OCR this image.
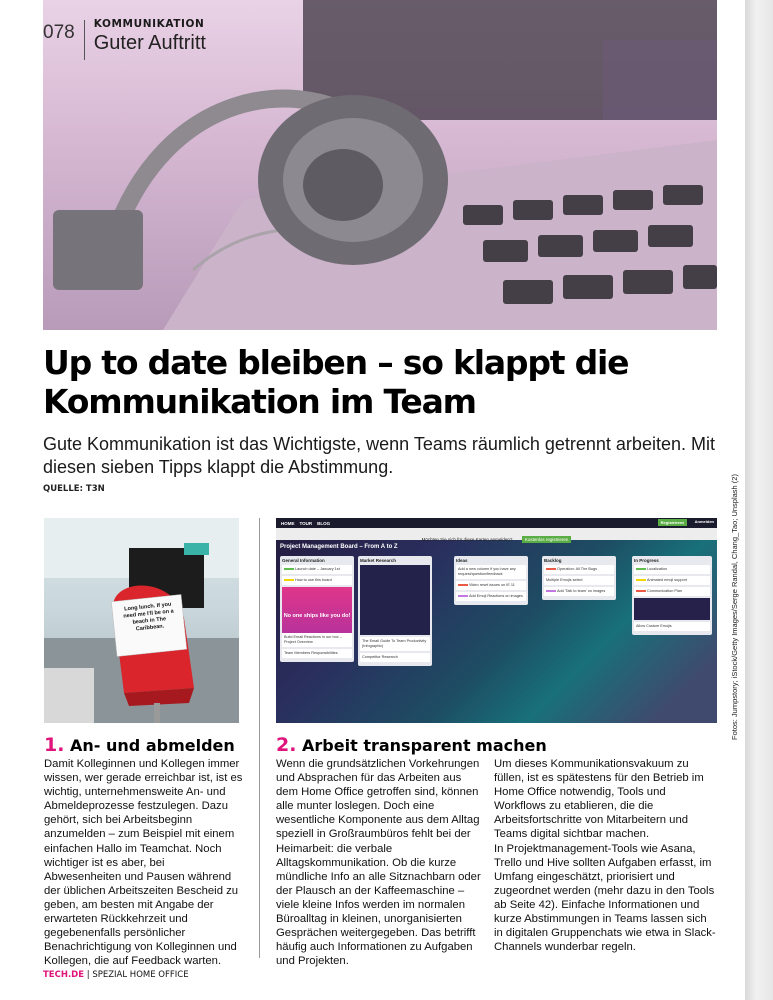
078 KOMMUNIKATION
Guter Auftritt
Up to date bleiben – so klappt die Kommunikation im Team

Gute Kommunikation ist das Wichtigste, wenn Teams räumlich getrennt arbeiten. Mit diesen sieben Tipps klappt die Abstimmung.

QUELLE: T3N
Long lunch. If you need me I'll be on a beach in The Caribbean.
HOME TOUR BLOG	Registrieren	Anmelden
Möchten Sie sich für diese Karten anmelden?	Kostenlos registrieren
Project Management Board – From A to Z
General Information
Launch date – January 1st
How to use this board
No one ships like you do!
Build Email Reactions in our box – Project Overview
Team Members Responsibilities
Market Research
The Email Guide To Team Productivity (Infographic)
Competitor Research
Ideas
Add a new column if you have any request/question/feedback
Video reset issues on IE 11
Add Emoji Reactions on images
Backlog
Operation: All The Bugs
Multiple Emojis select
Add 'Talk to team' on images
In Progress
Localization
Animated emoji support
Communication Plan
Allow Custom Emojis
1. An- und abmelden

Damit Kolleginnen und Kollegen immer wissen, wer gerade erreichbar ist, ist es wichtig, unternehmensweite An- und Abmeldeprozesse festzulegen. Dazu gehört, sich bei Arbeitsbeginn anzumelden – zum Beispiel mit einem einfachen Hallo im Teamchat. Noch wichtiger ist es aber, bei Abwesenheiten und Pausen während der üblichen Arbeitszeiten Bescheid zu geben, am besten mit Angabe der erwarteten Rückkehrzeit und gegebenenfalls persönlicher Benachrichtigung von Kolleginnen und Kollegen, die auf Feedback warten.

2. Arbeit transparent machen

Wenn die grundsätzlichen Vorkehrungen und Absprachen für das Arbeiten aus dem Home Office getroffen sind, können alle munter loslegen. Doch eine wesentliche Komponente aus dem Alltag speziell in Großraumbüros fehlt bei der Heimarbeit: die verbale Alltagskommunikation. Ob die kurze mündliche Info an alle Sitznachbarn oder der Plausch an der Kaffeemaschine – viele kleine Infos werden im normalen Büroalltag in kleinen, unorganisierten Gesprächen weitergegeben. Das betrifft häufig auch Informationen zu Aufgaben und Projekten.

Um dieses Kommunikationsvakuum zu füllen, ist es spätestens für den Betrieb im Home Office notwendig, Tools und Workflows zu etablieren, die die Arbeitsfortschritte von Mitarbeitern und Teams digital sichtbar machen.

In Projektmanagement-Tools wie Asana, Trello und Hive sollten Aufgaben erfasst, im Umfang eingeschätzt, priorisiert und zugeordnet werden (mehr dazu in den Tools ab Seite 42). Einfache Informationen und kurze Abstimmungen in Teams lassen sich in digitalen Gruppenchats wie etwa in Slack-Channels wunderbar regeln.

TECH.DE | SPEZIAL HOME OFFICE
Fotos: Jumpstory; iStock/Getty Images/Serge Randal, Chang_Tao; Unsplash (2)
